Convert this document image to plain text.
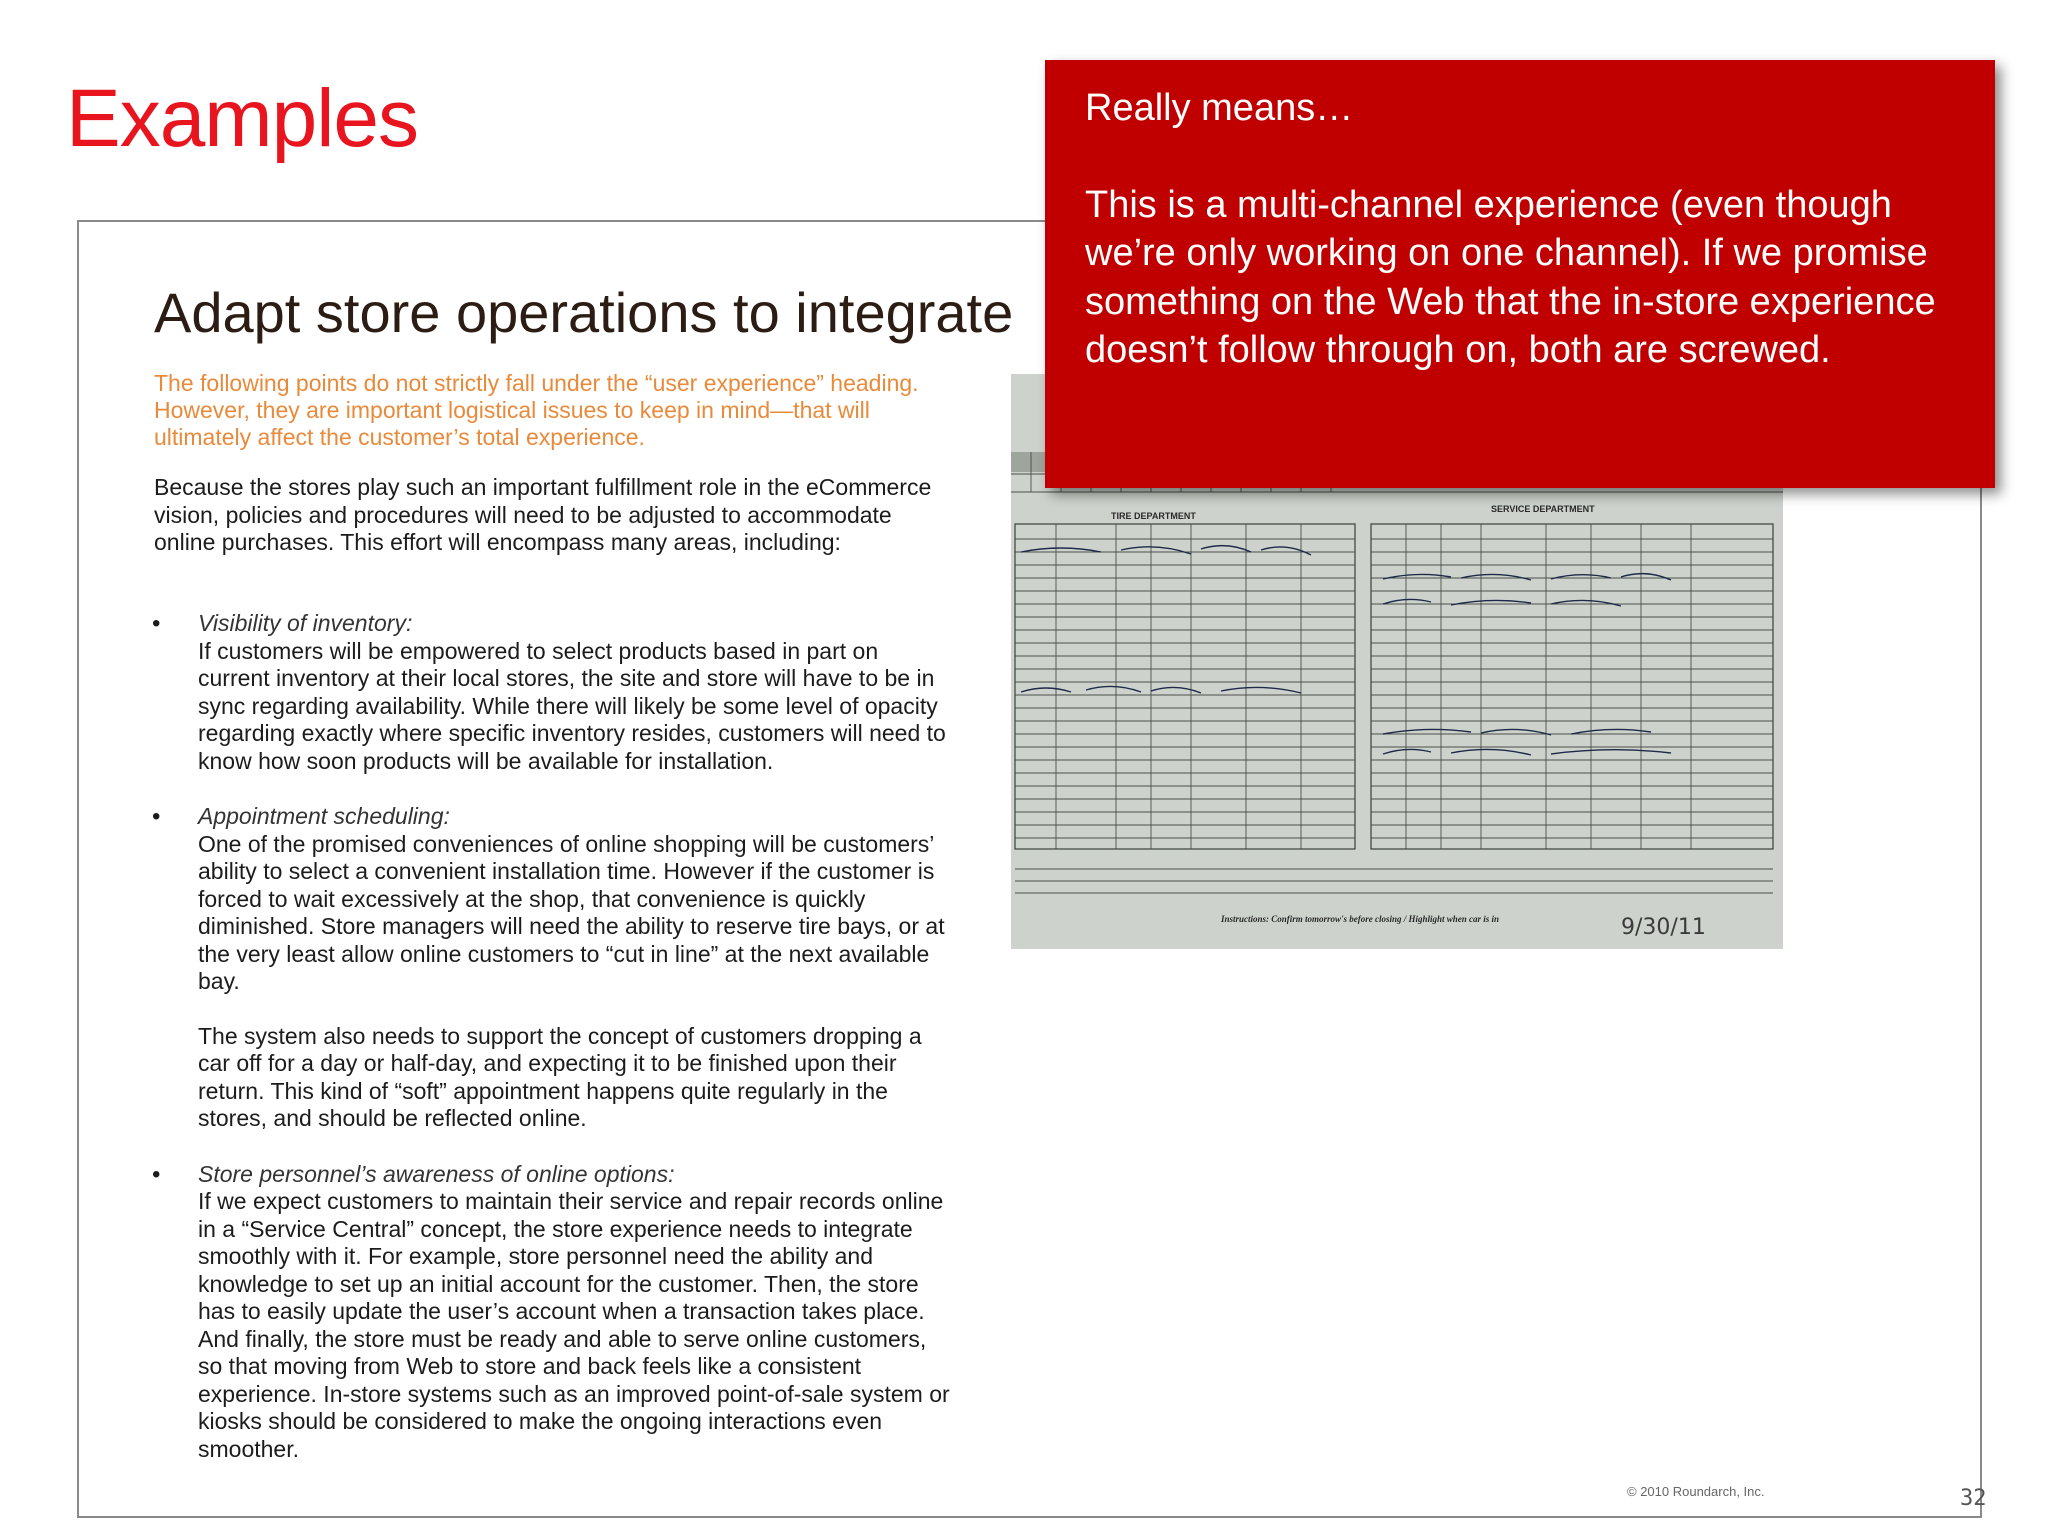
Examples
Adapt store operations to integrate
The following points do not strictly fall under the “user experience” heading. However, they are important logistical issues to keep in mind—that will ultimately affect the customer’s total experience.
Because the stores play such an important fulfillment role in the eCommerce vision, policies and procedures will need to be adjusted to accommodate online purchases. This effort will encompass many areas, including:
• Visibility of inventory:

If customers will be empowered to select products based in part on current inventory at their local stores, the site and store will have to be in sync regarding availability. While there will likely be some level of opacity regarding exactly where specific inventory resides, customers will need to know how soon products will be available for installation.

• Appointment scheduling:

One of the promised conveniences of online shopping will be customers’ ability to select a convenient installation time. However if the customer is forced to wait excessively at the shop, that convenience is quickly diminished. Store managers will need the ability to reserve tire bays, or at the very least allow online customers to “cut in line” at the next available bay.

The system also needs to support the concept of customers dropping a car off for a day or half-day, and expecting it to be finished upon their return. This kind of “soft” appointment happens quite regularly in the stores, and should be reflected online.

• Store personnel’s awareness of online options:

If we expect customers to maintain their service and repair records online in a “Service Central” concept, the store experience needs to integrate smoothly with it. For example, store personnel need the ability and knowledge to set up an initial account for the customer. Then, the store has to easily update the user’s account when a transaction takes place. And finally, the store must be ready and able to serve online customers, so that moving from Web to store and back feels like a consistent experience. In-store systems such as an improved point-of-sale system or kiosks should be considered to make the ongoing interactions even smoother.

TIRE DEPARTMENT
SERVICE DEPARTMENT
Instructions: Confirm tomorrow's before closing / Highlight when car is in	9/30/11
© 2010 Roundarch, Inc.	32

Really means…

This is a multi-channel experience (even though we’re only working on one channel). If we promise something on the Web that the in-store experience doesn’t follow through on, both are screwed.
